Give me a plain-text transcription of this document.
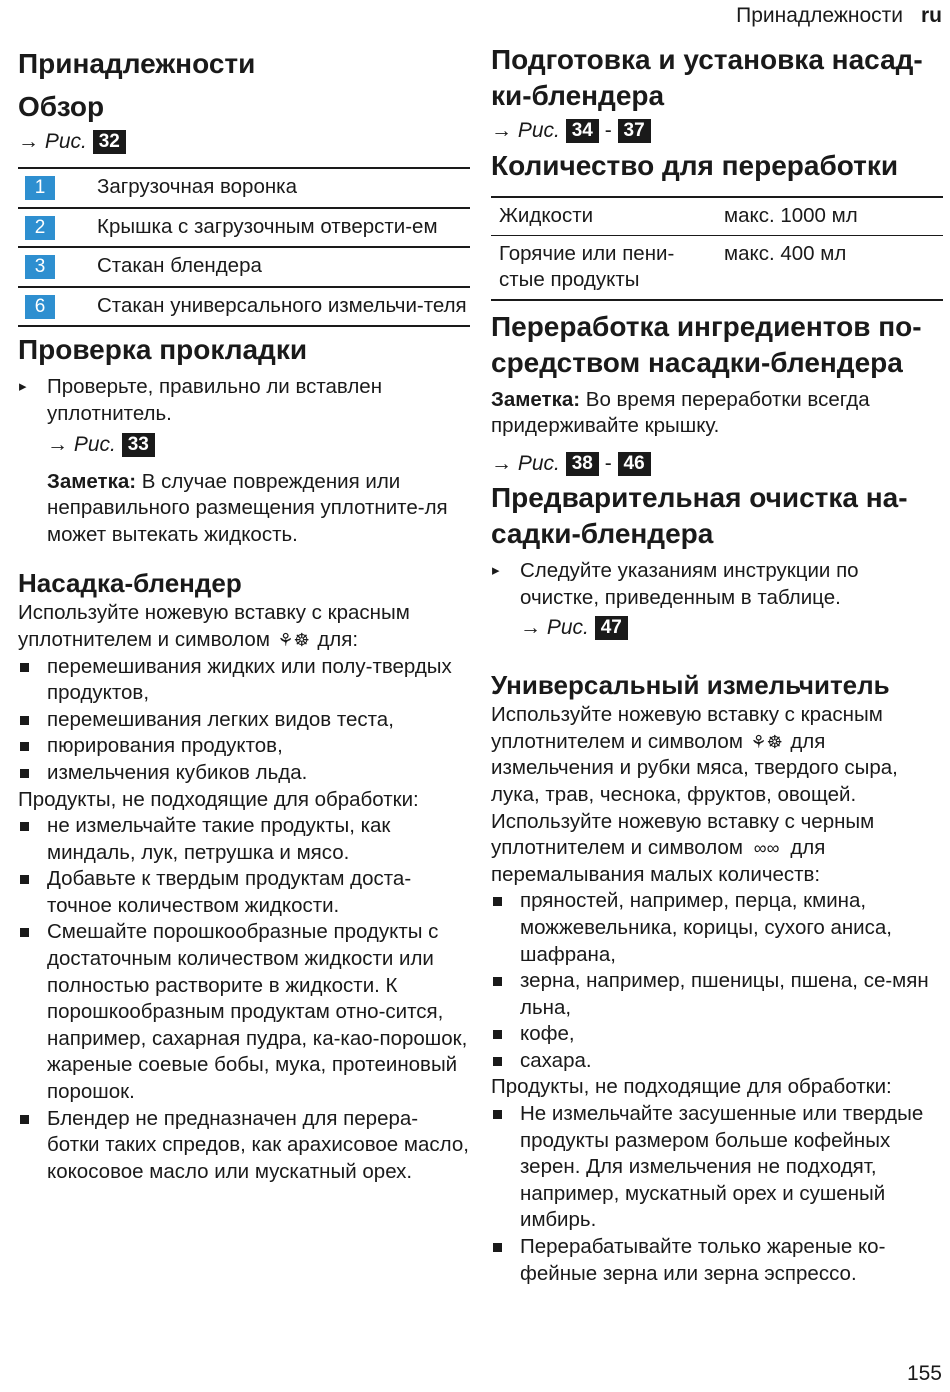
Принадлежности ru
Принадлежности
Обзор
→ Рис. 32
1	Загрузочная воронка
2	Крышка с загрузочным отверсти-ем
3	Стакан блендера
6	Стакан универсального измельчи-теля
Проверка прокладки
▸ Проверьте, правильно ли вставлен уплотнитель.
→ Рис. 33

Заметка: В случае повреждения или неправильного размещения уплотните-ля может вытекать жидкость.

Насадка-блендер

Используйте ножевую вставку с красным уплотнителем и символом ⚘☸ для:

перемешивания жидких или полу-твердых продуктов,
перемешивания легких видов теста,
пюрирования продуктов,
измельчения кубиков льда.

Продукты, не подходящие для обработки:

не измельчайте такие продукты, как миндаль, лук, петрушка и мясо.
Добавьте к твердым продуктам доста-точное количеством жидкости.
Смешайте порошкообразные продукты с достаточным количеством жидкости или полностью растворите в жидкости. К порошкообразным продуктам отно-сится, например, сахарная пудра, ка-као-порошок, жареные соевые бобы, мука, протеиновый порошок.
Блендер не предназначен для перера-ботки таких спредов, как арахисовое масло, кокосовое масло или мускатный орех.
Подготовка и установка насад-ки-блендера
→ Рис. 34 - 37
Количество для переработки
Жидкости	макс. 1000 мл
Горячие или пени-стые продукты	макс. 400 мл
Переработка ингредиентов по-средством насадки-блендера

Заметка: Во время переработки всегда придерживайте крышку.

→ Рис. 38 - 46
Предварительная очистка на-садки-блендера
▸ Следуйте указаниям инструкции по очистке, приведенным в таблице.
→ Рис. 47
Универсальный измельчитель

Используйте ножевую вставку с красным уплотнителем и символом ⚘☸ для измельчения и рубки мяса, твердого сыра, лука, трав, чеснока, фруктов, овощей.

Используйте ножевую вставку с черным уплотнителем и символом ∞∞ для перемалывания малых количеств:

пряностей, например, перца, кмина, можжевельника, корицы, сухого аниса, шафрана,
зерна, например, пшеницы, пшена, се-мян льна,
кофе,
сахара.

Продукты, не подходящие для обработки:

Не измельчайте засушенные или твердые продукты размером больше кофейных зерен. Для измельчения не подходят, например, мускатный орех и сушеный имбирь.
Перерабатывайте только жареные ко-фейные зерна или зерна эспрессо.
155
